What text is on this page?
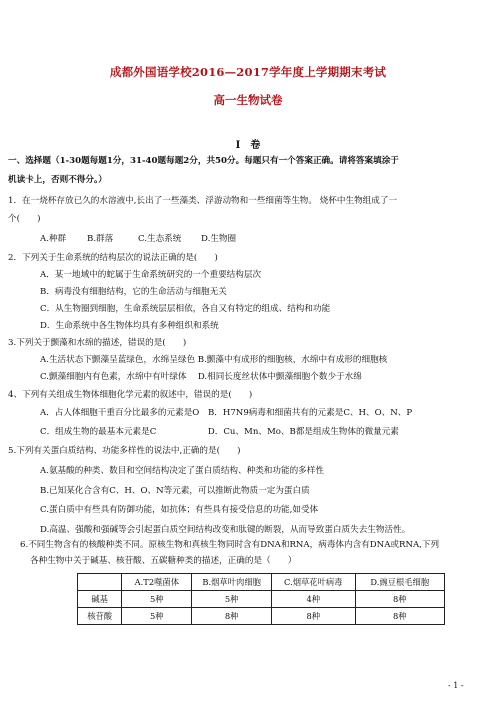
成都外国语学校2016—2017学年度上学期期末考试
高一生物试卷
I　卷
一、选择题（1-30题每题1分，31-40题每题2分，共50分。每题只有一个答案正确。请将答案填涂于
机读卡上，否则不得分。）
1．在一烧杯存放已久的水溶液中,长出了一些藻类、浮游动物和一些细菌等生物。 烧杯中生物组成了一
个(　　)
A.种群 B.群落	C.生态系统 D.生物圈
2．下列关于生命系统的结构层次的说法正确的是(　　)
A．某一地域中的蛇属于生命系统研究的一个重要结构层次
B．病毒没有细胞结构，它的生命活动与细胞无关
C．从生物圈到细胞，生命系统层层相依，各自又有特定的组成、结构和功能
D．生命系统中各生物体均具有多种组织和系统
3.下列关于颤藻和水绵的描述，错误的是(　　)
A.生活状态下颤藻呈蓝绿色，水绵呈绿色 B.颤藻中有成形的细胞核，水绵中有成形的细胞核
C.颤藻细胞内有色素，水绵中有叶绿体　 D.相同长度丝状体中颤藻细胞个数少于水绵
4、下列有关组成生物体细胞化学元素的叙述中，错误的是(　　)
A．占人体细胞干重百分比最多的元素是O　B．H7N9病毒和细菌共有的元素是C、H、O、N、P
C．组成生物的最基本元素是C　　　　　　D．Cu、Mn、Mo、B都是组成生物体的微量元素
5.下列有关蛋白质结构、功能多样性的说法中,正确的是(　　)
A.氨基酸的种类、数目和空间结构决定了蛋白质结构、种类和功能的多样性
B.已知某化合含有C、H、O、N等元素，可以推断此物质一定为蛋白质
C.蛋白质中有些具有防御功能，如抗体；有些具有接受信息的功能,如受体
D.高温、强酸和强碱等会引起蛋白质空间结构改变和肽键的断裂，从而导致蛋白质失去生物活性。
6.不同生物含有的核酸种类不同。原核生物和真核生物同时含有DNA和RNA，病毒体内含有DNA或RNA,下列
各种生物中关于碱基、核苷酸、五碳糖种类的描述，正确的是（　　）
	A.T2噬菌体	B.烟草叶肉细胞	C.烟草花叶病毒	D.豌豆根毛细胞
碱基	5种	5种	4种	8种
核苷酸	5种	8种	8种	8种
- 1 -
